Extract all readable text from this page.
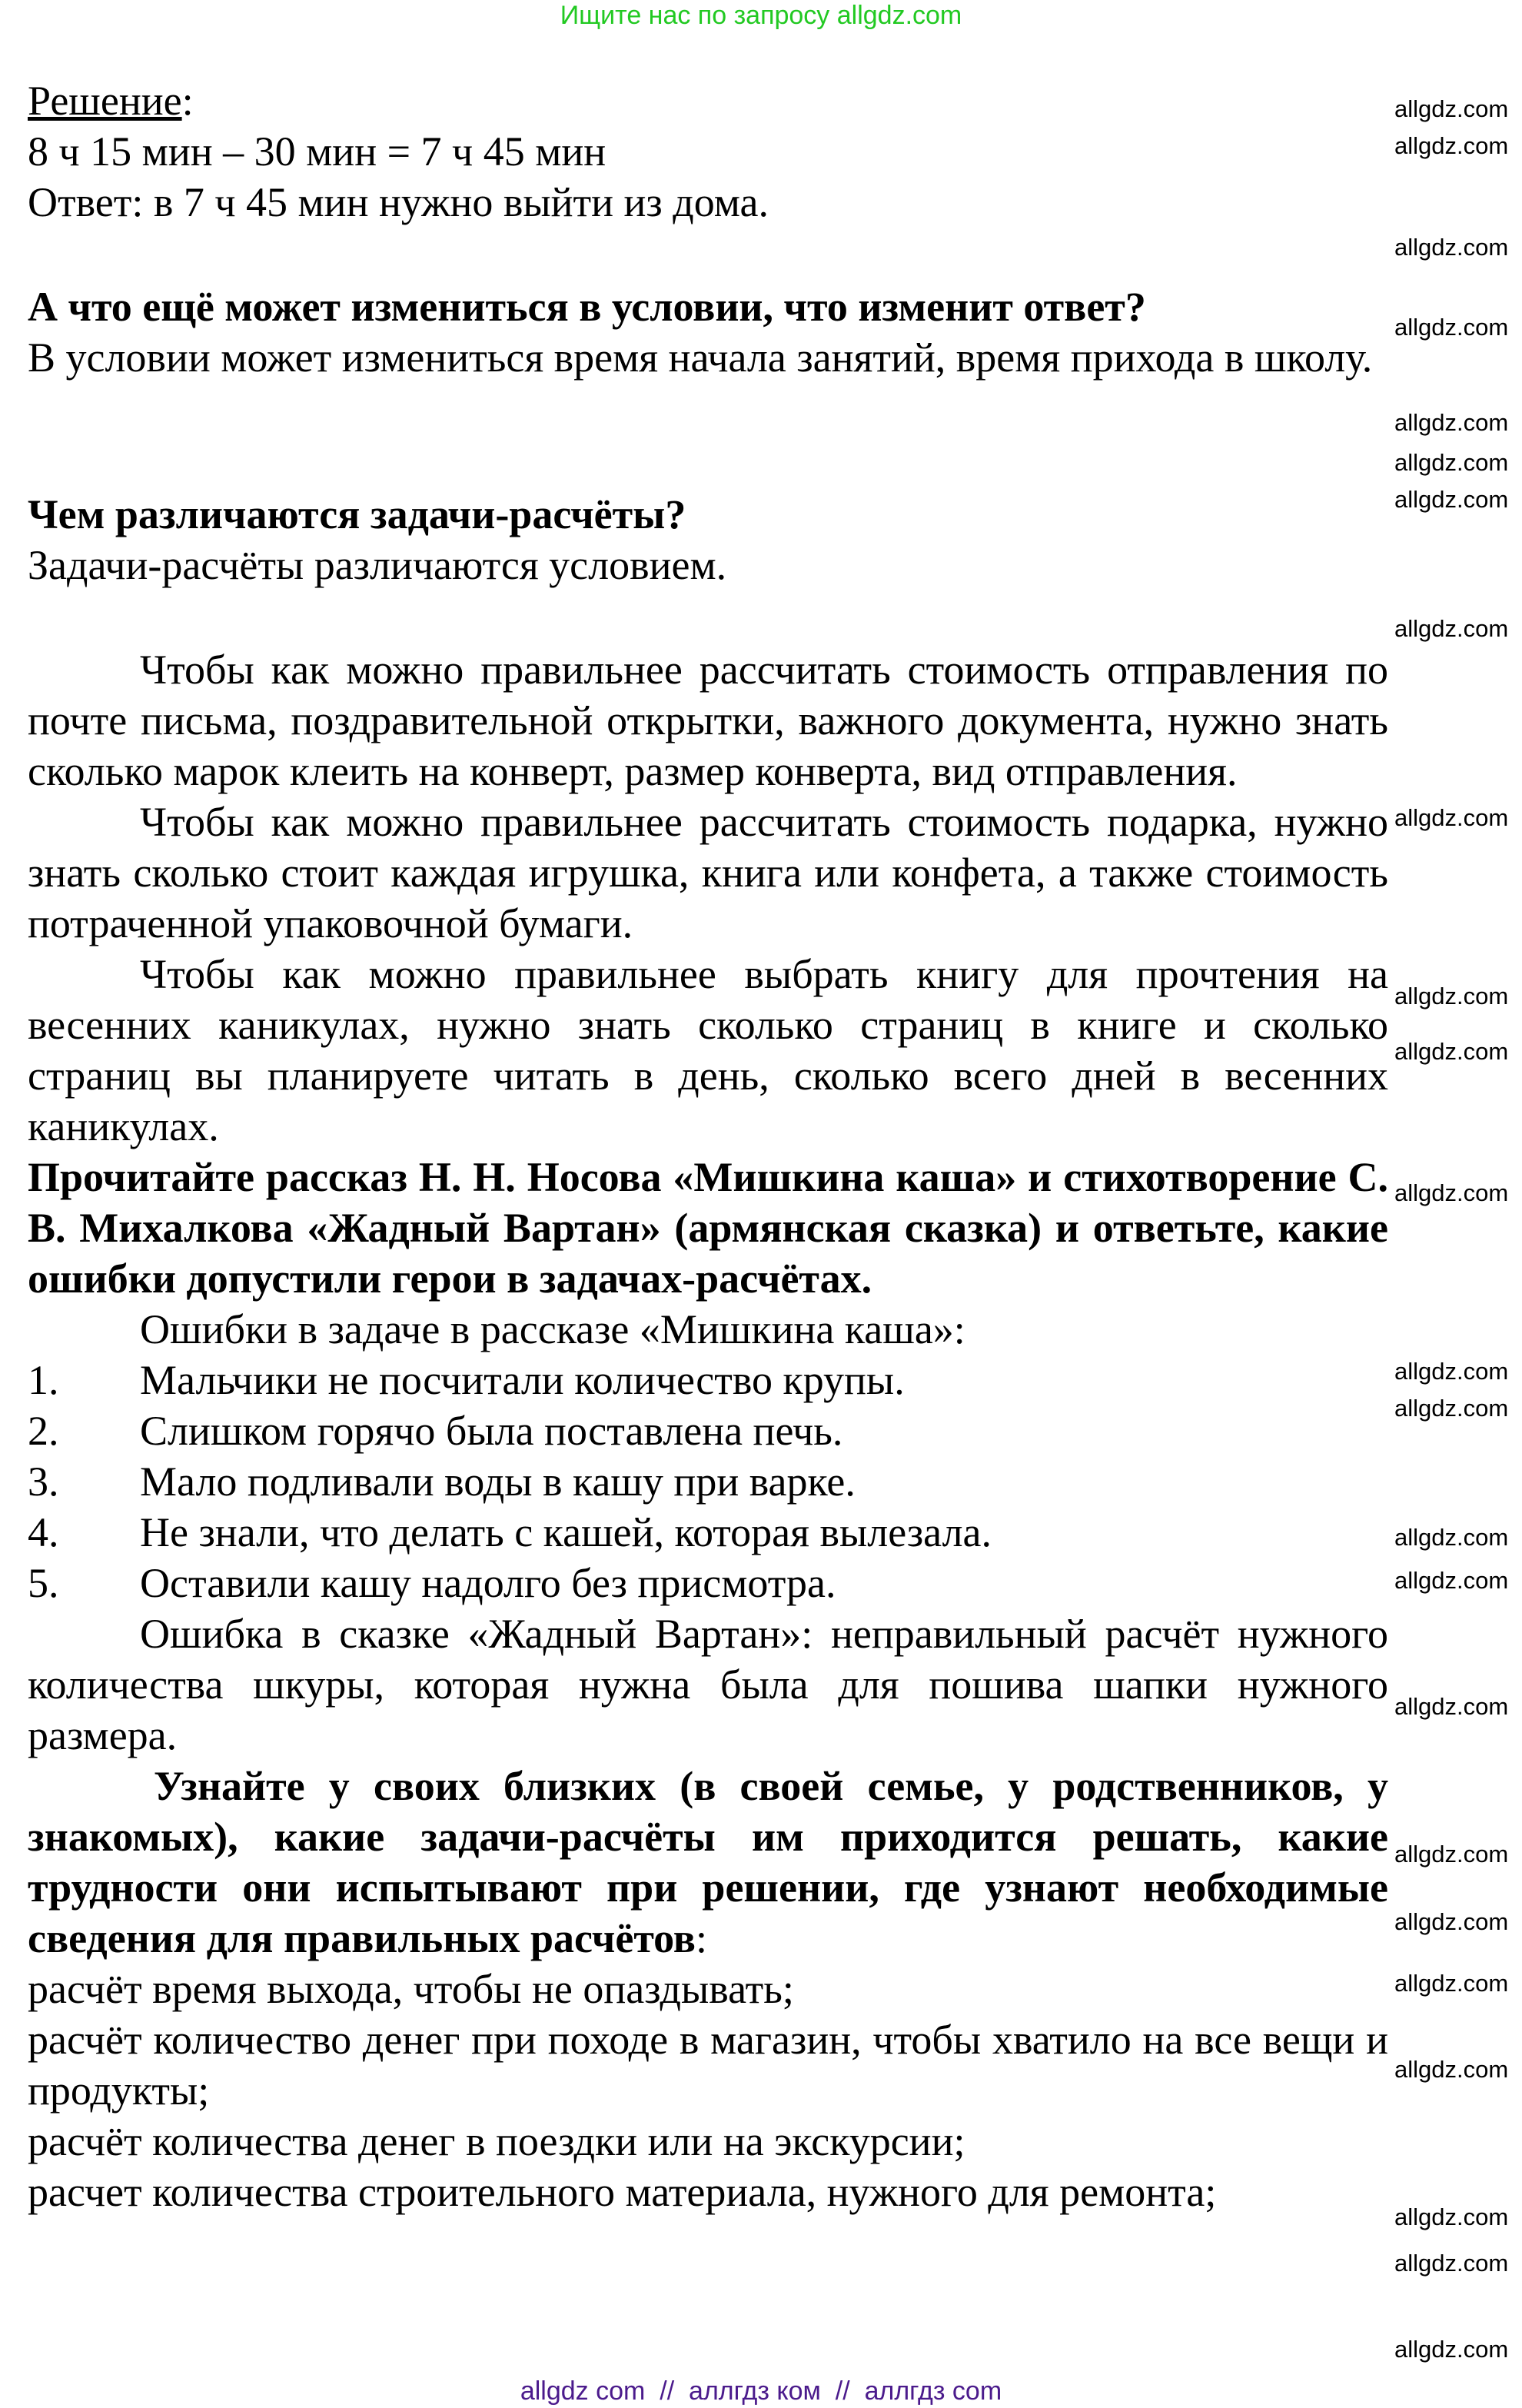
Ищите нас по запросу allgdz.com

Решение:

8 ч 15 мин – 30 мин = 7 ч 45 мин

Ответ: в 7 ч 45 мин нужно выйти из дома.

А что ещё может измениться в условии, что изменит ответ?

В условии может измениться время начала занятий, время прихода в школу.

Чем различаются задачи-расчёты?

Задачи-расчёты различаются условием.

Чтобы как можно правильнее рассчитать стоимость отправления по почте письма, поздравительной открытки, важного документа, нужно знать сколько марок клеить на конверт, размер конверта, вид отправления.

Чтобы как можно правильнее рассчитать стоимость подарка, нужно знать сколько стоит каждая игрушка, книга или конфета, а также стоимость потраченной упаковочной бумаги.

Чтобы как можно правильнее выбрать книгу для прочтения на весенних каникулах, нужно знать сколько страниц в книге и сколько страниц вы планируете читать в день, сколько всего дней в весенних каникулах.

Прочитайте рассказ Н. Н. Носова «Мишкина каша» и стихотворение С. В. Михалкова «Жадный Вартан» (армянская сказка) и ответьте, какие ошибки допустили герои в задачах-расчётах.

Ошибки в задаче в рассказе «Мишкина каша»:

1.	Мальчики не посчитали количество крупы.
2.	Слишком горячо была поставлена печь.
3.	Мало подливали воды в кашу при варке.
4.	Не знали, что делать с кашей, которая вылезала.
5.	Оставили кашу надолго без присмотра.

Ошибка в сказке «Жадный Вартан»: неправильный расчёт нужного количества шкуры, которая нужна была для пошива шапки нужного размера.

Узнайте у своих близких (в своей семье, у родственников, у знакомых), какие задачи-расчёты им приходится решать, какие трудности они испытывают при решении, где узнают необходимые сведения для правильных расчётов:

расчёт время выхода, чтобы не опаздывать;

расчёт количество денег при походе в магазин, чтобы хватило на все вещи и продукты;

расчёт количества денег в поездки или на экскурсии;

расчет количества строительного материала, нужного для ремонта;

allgdz.com
allgdz.com
allgdz.com
allgdz.com
allgdz.com
allgdz.com
allgdz.com
allgdz.com
allgdz.com
allgdz.com
allgdz.com
allgdz.com
allgdz.com
allgdz.com
allgdz.com
allgdz.com
allgdz.com
allgdz.com
allgdz.com
allgdz.com
allgdz.com
allgdz.com
allgdz.com
allgdz.com
allgdz com  //  аллгдз ком  //  аллгдз com
